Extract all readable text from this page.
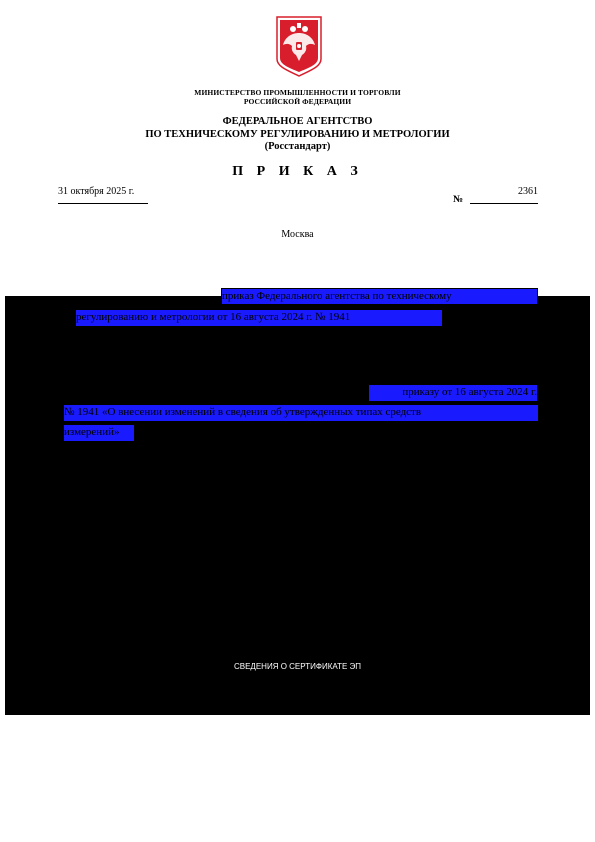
МИНИСТЕРСТВО ПРОМЫШЛЕННОСТИ И ТОРГОВЛИ
РОССИЙСКОЙ ФЕДЕРАЦИИ
ФЕДЕРАЛЬНОЕ АГЕНТСТВО
ПО ТЕХНИЧЕСКОМУ РЕГУЛИРОВАНИЮ И МЕТРОЛОГИИ
(Росстандарт)
П Р И К А З
31 октября 2025 г.
№
2361
Москва
приказ Федерального агентства по техническому
регулированию и метрологии от 16 августа 2024 г. № 1941
приказу от 16 августа 2024 г.
№ 1941 «О внесении изменений в сведения об утвержденных типах средств
измерений»
СВЕДЕНИЯ О СЕРТИФИКАТЕ ЭП
